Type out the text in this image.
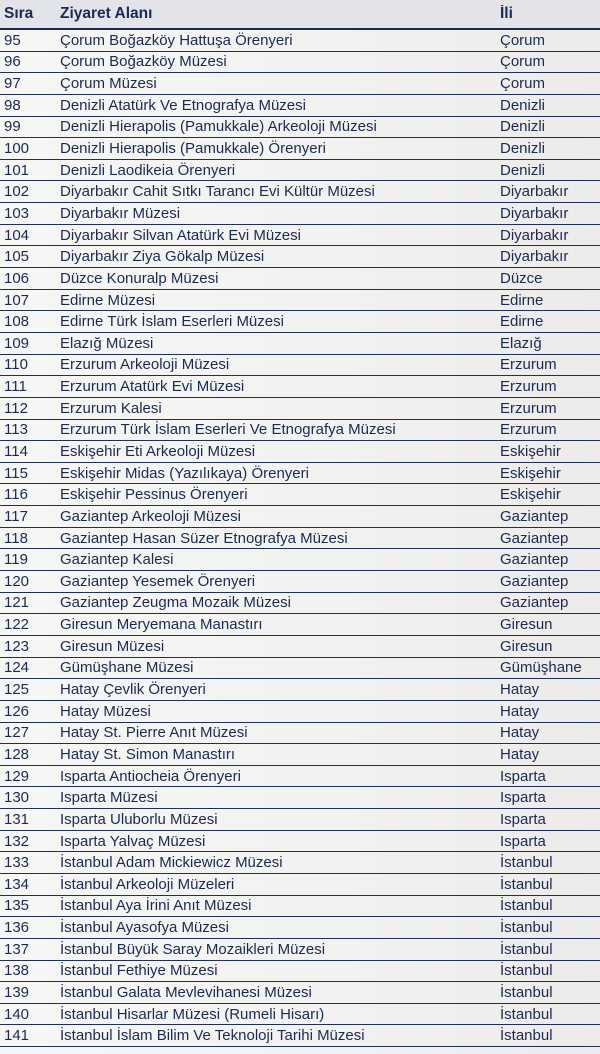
Sıra	Ziyaret Alanı	İli
95	Çorum Boğazköy Hattuşa Örenyeri	Çorum
96	Çorum Boğazköy Müzesi	Çorum
97	Çorum Müzesi	Çorum
98	Denizli Atatürk Ve Etnografya Müzesi	Denizli
99	Denizli Hierapolis (Pamukkale) Arkeoloji Müzesi	Denizli
100	Denizli Hierapolis (Pamukkale) Örenyeri	Denizli
101	Denizli Laodikeia Örenyeri	Denizli
102	Diyarbakır Cahit Sıtkı Tarancı Evi Kültür Müzesi	Diyarbakır
103	Diyarbakır Müzesi	Diyarbakır
104	Diyarbakır Silvan Atatürk Evi Müzesi	Diyarbakır
105	Diyarbakır Ziya Gökalp Müzesi	Diyarbakır
106	Düzce Konuralp Müzesi	Düzce
107	Edirne Müzesi	Edirne
108	Edirne Türk İslam Eserleri Müzesi	Edirne
109	Elazığ Müzesi	Elazığ
110	Erzurum Arkeoloji Müzesi	Erzurum
111	Erzurum Atatürk Evi Müzesi	Erzurum
112	Erzurum Kalesi	Erzurum
113	Erzurum Türk İslam Eserleri Ve Etnografya Müzesi	Erzurum
114	Eskişehir Eti Arkeoloji Müzesi	Eskişehir
115	Eskişehir Midas (Yazılıkaya) Örenyeri	Eskişehir
116	Eskişehir Pessinus Örenyeri	Eskişehir
117	Gaziantep Arkeoloji Müzesi	Gaziantep
118	Gaziantep Hasan Süzer Etnografya Müzesi	Gaziantep
119	Gaziantep Kalesi	Gaziantep
120	Gaziantep Yesemek Örenyeri	Gaziantep
121	Gaziantep Zeugma Mozaik Müzesi	Gaziantep
122	Giresun Meryemana Manastırı	Giresun
123	Giresun Müzesi	Giresun
124	Gümüşhane Müzesi	Gümüşhane
125	Hatay Çevlik Örenyeri	Hatay
126	Hatay Müzesi	Hatay
127	Hatay St. Pierre Anıt Müzesi	Hatay
128	Hatay St. Simon Manastırı	Hatay
129	Isparta Antiocheia Örenyeri	Isparta
130	Isparta Müzesi	Isparta
131	Isparta Uluborlu Müzesi	Isparta
132	Isparta Yalvaç Müzesi	Isparta
133	İstanbul Adam Mickiewicz Müzesi	İstanbul
134	İstanbul Arkeoloji Müzeleri	İstanbul
135	İstanbul Aya İrini Anıt Müzesi	İstanbul
136	İstanbul Ayasofya Müzesi	İstanbul
137	İstanbul Büyük Saray Mozaikleri Müzesi	İstanbul
138	İstanbul Fethiye Müzesi	İstanbul
139	İstanbul Galata Mevlevihanesi Müzesi	İstanbul
140	İstanbul Hisarlar Müzesi (Rumeli Hisarı)	İstanbul
141	İstanbul İslam Bilim Ve Teknoloji Tarihi Müzesi	İstanbul
